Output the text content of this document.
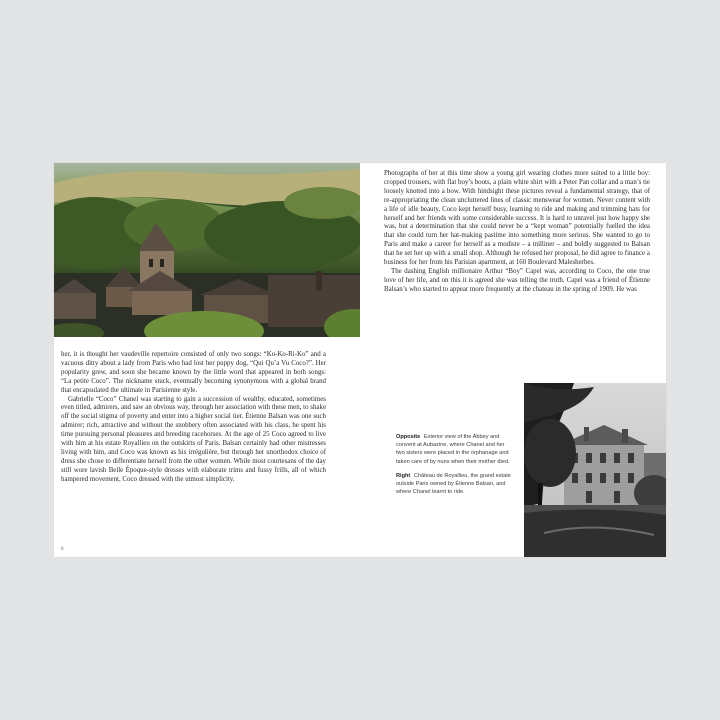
her, it is thought her vaudeville repertoire consisted of only two songs: “Ko-Ko-Ri-Ko” and a vacuous ditty about a lady from Paris who had lost her puppy dog, “Qui Qu’a Vu Coco?”. Her popularity grew, and soon she became known by the little word that appeared in both songs: “La petite Coco”. The nickname stuck, eventually becoming synonymous with a global brand that encapsulated the ultimate in Parisienne style.

Gabrielle “Coco” Chanel was starting to gain a succession of wealthy, educated, sometimes even titled, admirers, and saw an obvious way, through her association with these men, to shake off the social stigma of poverty and enter into a higher social tier. Étienne Balsan was one such admirer; rich, attractive and without the snobbery often associated with his class, he spent his time pursuing personal pleasures and breeding racehorses. At the age of 25 Coco agreed to live with him at his estate Royallieu on the outskirts of Paris. Balsan certainly had other mistresses living with him, and Coco was known as his irrégulière, but through her unorthodox choice of dress she chose to differentiate herself from the other women. While most courtesans of the day still wore lavish Belle Époque-style dresses with elaborate trims and fussy frills, all of which hampered movement, Coco dressed with the utmost simplicity.

6

Photographs of her at this time show a young girl wearing clothes more suited to a little boy: cropped trousers, with flat boy’s boots, a plain white shirt with a Peter Pan collar and a man’s tie loosely knotted into a bow. With hindsight these pictures reveal a fundamental strategy, that of re-appropriating the clean uncluttered lines of classic menswear for women. Never content with a life of idle beauty, Coco kept herself busy, learning to ride and making and trimming hats for herself and her friends with some considerable success. It is hard to unravel just how happy she was, but a determination that she could never be a “kept woman” potentially fuelled the idea that she could turn her hat-making pastime into something more serious. She wanted to go to Paris and make a career for herself as a modiste – a milliner – and boldly suggested to Balsan that he set her up with a small shop. Although he refused her proposal, he did agree to finance a business for her from his Parisian apartment, at 160 Boulevard Malesherbes.

The dashing English millionaire Arthur “Boy” Capel was, according to Coco, the one true love of her life, and on this it is agreed she was telling the truth. Capel was a friend of Étienne Balsan’s who started to appear more frequently at the chateau in the spring of 1909. He was

Opposite Exterior view of the Abbey and convent at Aubazine, where Chanel and her two sisters were placed in the orphanage and taken care of by nuns when their mother died.

Right Château de Royallieu, the grand estate outside Paris owned by Étienne Balsan, and where Chanel learnt to ride.
